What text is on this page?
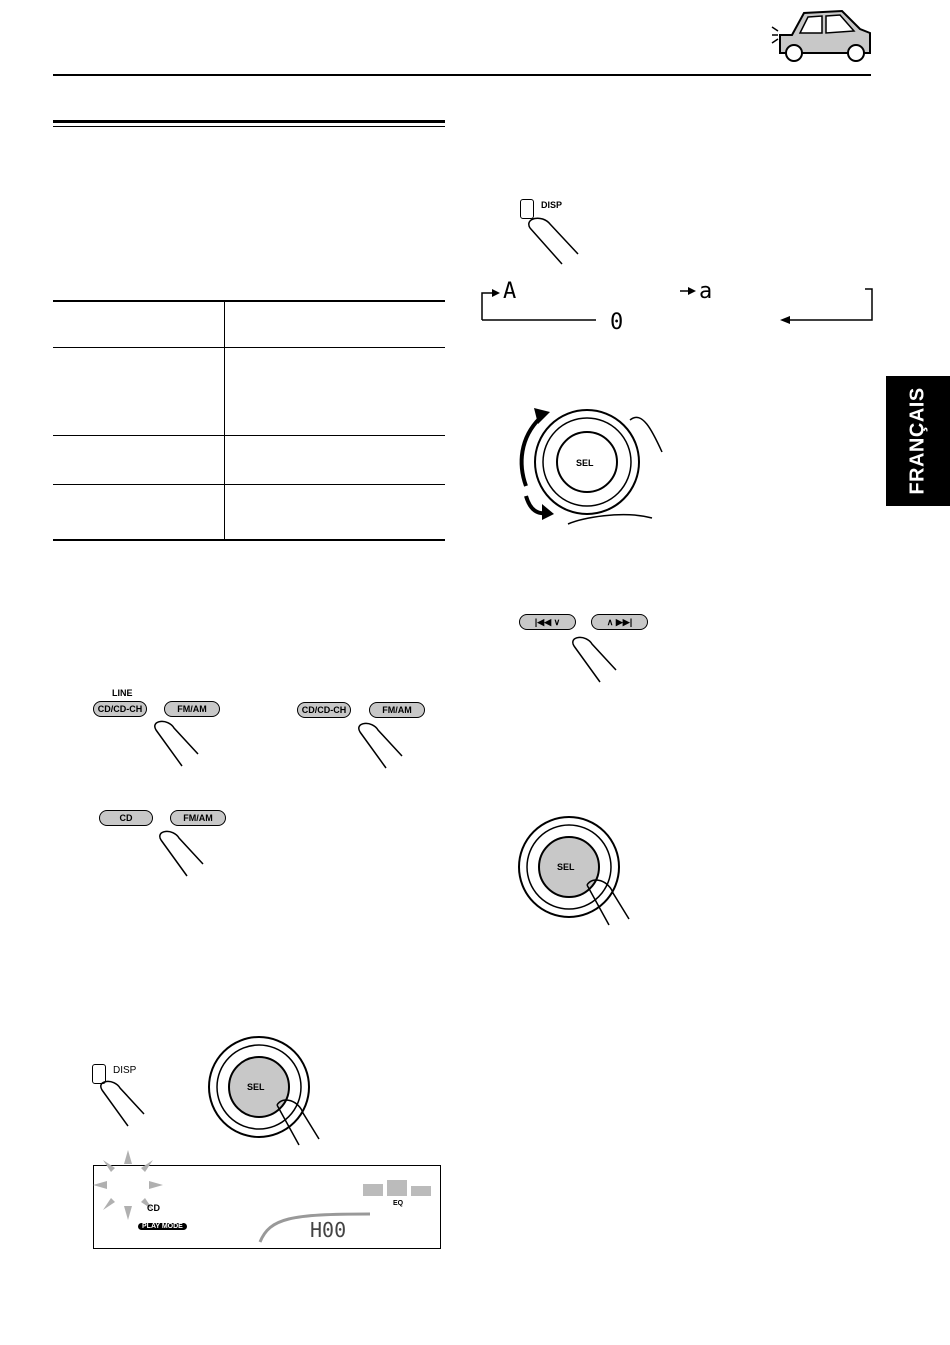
FRANÇAIS
DISP
A	a
0
SEL
|◀◀ ∨	∧ ▶▶|
SEL
LINE
CD/CD-CH	FM/AM	CD/CD-CH	FM/AM
CD	FM/AM
DISP
SEL
CD
PLAY MODE
EQ
H00
